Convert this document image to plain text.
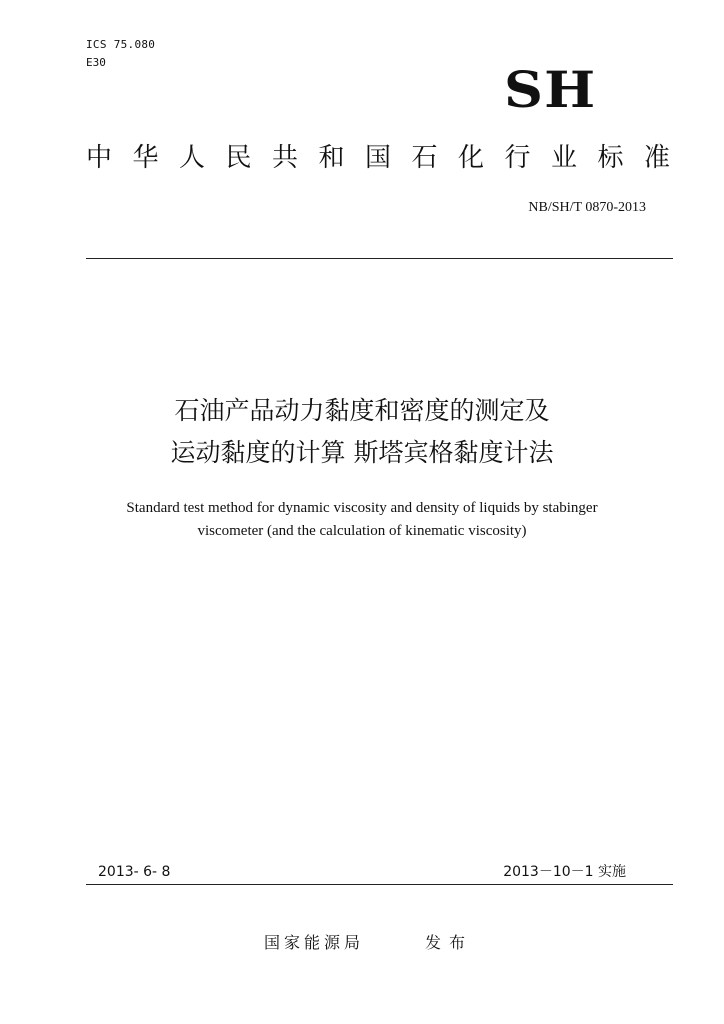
ICS 75.080
E30	SH
中华人民共和国石化行业标准
NB/SH/T 0870-2013
石油产品动力黏度和密度的测定及
运动黏度的计算 斯塔宾格黏度计法
Standard test method for dynamic viscosity and density of liquids by stabinger
viscometer (and the calculation of kinematic viscosity)
2013- 6- 8	2013－10－1 实施
国家能源局	发布
